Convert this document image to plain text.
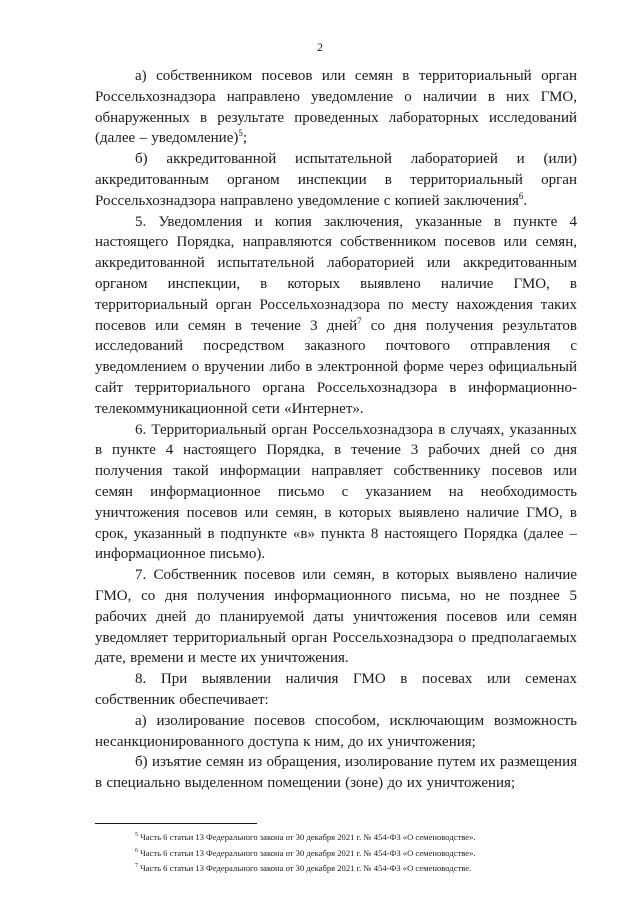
2

а) собственником посевов или семян в территориальный орган Россельхознадзора направлено уведомление о наличии в них ГМО, обнаруженных в результате проведенных лабораторных исследований (далее – уведомление)$^5$;

б) аккредитованной испытательной лабораторией и (или) аккредитованным органом инспекции в территориальный орган Россельхознадзора направлено уведомление с копией заключения$^6$.

5. Уведомления и копия заключения, указанные в пункте 4 настоящего Порядка, направляются собственником посевов или семян, аккредитованной испытательной лабораторией или аккредитованным органом инспекции, в которых выявлено наличие ГМО, в территориальный орган Россельхознадзора по месту нахождения таких посевов или семян в течение 3 дней$^7$ со дня получения результатов исследований посредством заказного почтового отправления с уведомлением о вручении либо в электронной форме через официальный сайт территориального органа Россельхознадзора в информационно-телекоммуникационной сети «Интернет».

6. Территориальный орган Россельхознадзора в случаях, указанных в пункте 4 настоящего Порядка, в течение 3 рабочих дней со дня получения такой информации направляет собственнику посевов или семян информационное письмо с указанием на необходимость уничтожения посевов или семян, в которых выявлено наличие ГМО, в срок, указанный в подпункте «в» пункта 8 настоящего Порядка (далее – информационное письмо).

7. Собственник посевов или семян, в которых выявлено наличие ГМО, со дня получения информационного письма, но не позднее 5 рабочих дней до планируемой даты уничтожения посевов или семян уведомляет территориальный орган Россельхознадзора о предполагаемых дате, времени и месте их уничтожения.

8. При выявлении наличия ГМО в посевах или семенах собственник обеспечивает:

а) изолирование посевов способом, исключающим возможность несанкционированного доступа к ним, до их уничтожения;

б) изъятие семян из обращения, изолирование путем их размещения в специально выделенном помещении (зоне) до их уничтожения;

$^5$ Часть 6 статьи 13 Федерального закона от 30 декабря 2021 г. № 454-ФЗ «О семеноводстве».

$^6$ Часть 6 статьи 13 Федерального закона от 30 декабря 2021 г. № 454-ФЗ «О семеноводстве».

$^7$ Часть 6 статьи 13 Федерального закона от 30 декабря 2021 г. № 454-ФЗ «О семеноводстве.
